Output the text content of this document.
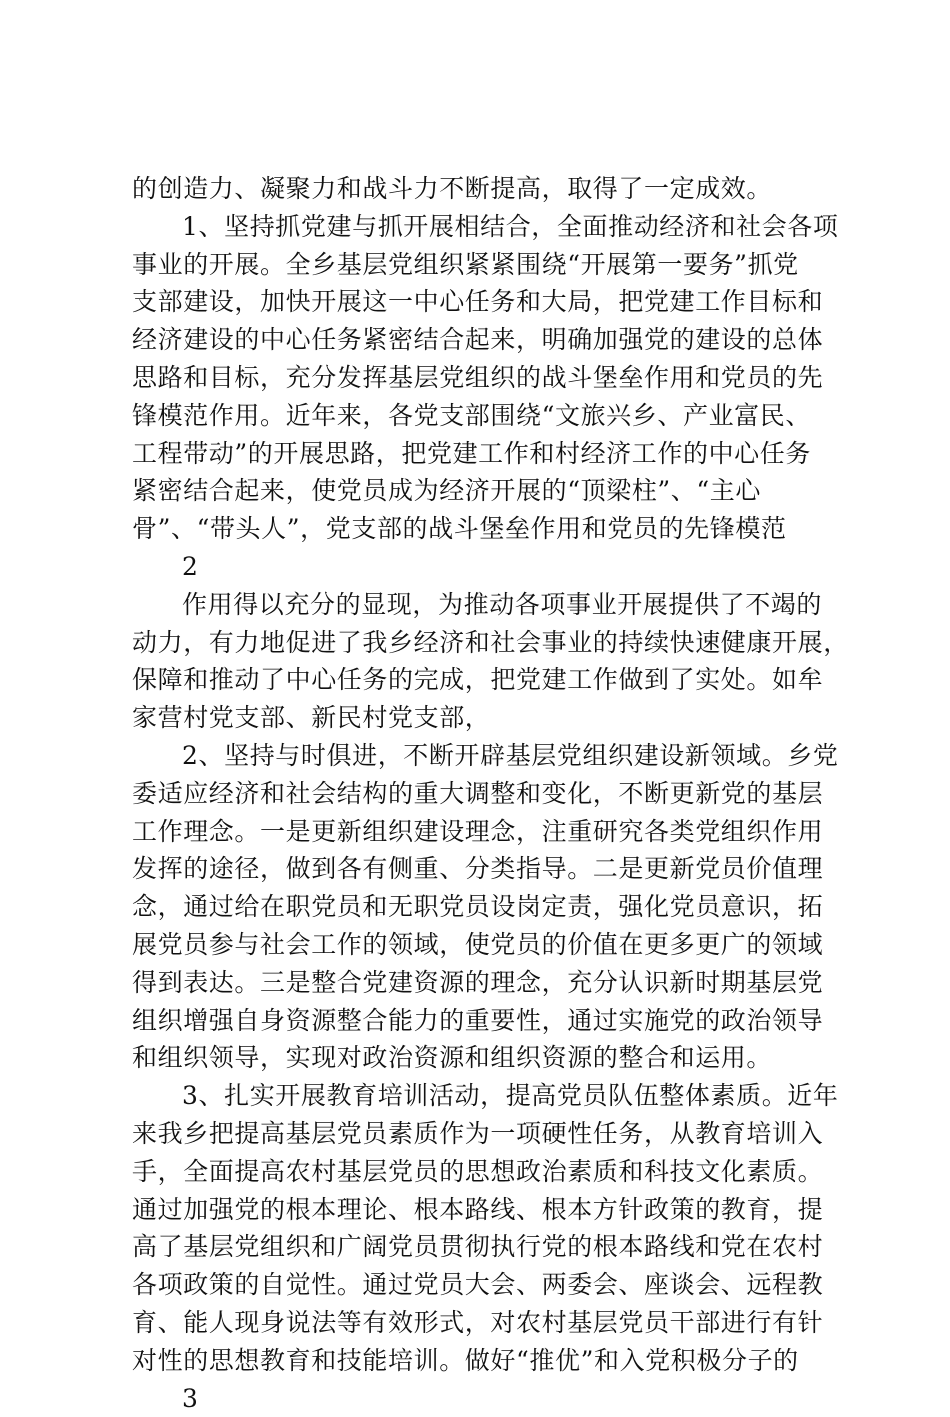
的创造力、凝聚力和战斗力不断提高，取得了一定成效。
1、坚持抓党建与抓开展相结合，全面推动经济和社会各项
事业的开展。全乡基层党组织紧紧围绕“开展第一要务”抓党
支部建设，加快开展这一中心任务和大局，把党建工作目标和
经济建设的中心任务紧密结合起来，明确加强党的建设的总体
思路和目标，充分发挥基层党组织的战斗堡垒作用和党员的先
锋模范作用。近年来，各党支部围绕“文旅兴乡、产业富民、
工程带动”的开展思路，把党建工作和村经济工作的中心任务
紧密结合起来，使党员成为经济开展的“顶梁柱”、“主心
骨”、“带头人”，党支部的战斗堡垒作用和党员的先锋模范
2
作用得以充分的显现，为推动各项事业开展提供了不竭的
动力，有力地促进了我乡经济和社会事业的持续快速健康开展，
保障和推动了中心任务的完成，把党建工作做到了实处。如牟
家营村党支部、新民村党支部，
2、坚持与时俱进，不断开辟基层党组织建设新领域。乡党
委适应经济和社会结构的重大调整和变化，不断更新党的基层
工作理念。一是更新组织建设理念，注重研究各类党组织作用
发挥的途径，做到各有侧重、分类指导。二是更新党员价值理
念，通过给在职党员和无职党员设岗定责，强化党员意识，拓
展党员参与社会工作的领域，使党员的价值在更多更广的领域
得到表达。三是整合党建资源的理念，充分认识新时期基层党
组织增强自身资源整合能力的重要性，通过实施党的政治领导
和组织领导，实现对政治资源和组织资源的整合和运用。
3、扎实开展教育培训活动，提高党员队伍整体素质。近年
来我乡把提高基层党员素质作为一项硬性任务，从教育培训入
手，全面提高农村基层党员的思想政治素质和科技文化素质。
通过加强党的根本理论、根本路线、根本方针政策的教育，提
高了基层党组织和广阔党员贯彻执行党的根本路线和党在农村
各项政策的自觉性。通过党员大会、两委会、座谈会、远程教
育、能人现身说法等有效形式，对农村基层党员干部进行有针
对性的思想教育和技能培训。做好“推优”和入党积极分子的
3
